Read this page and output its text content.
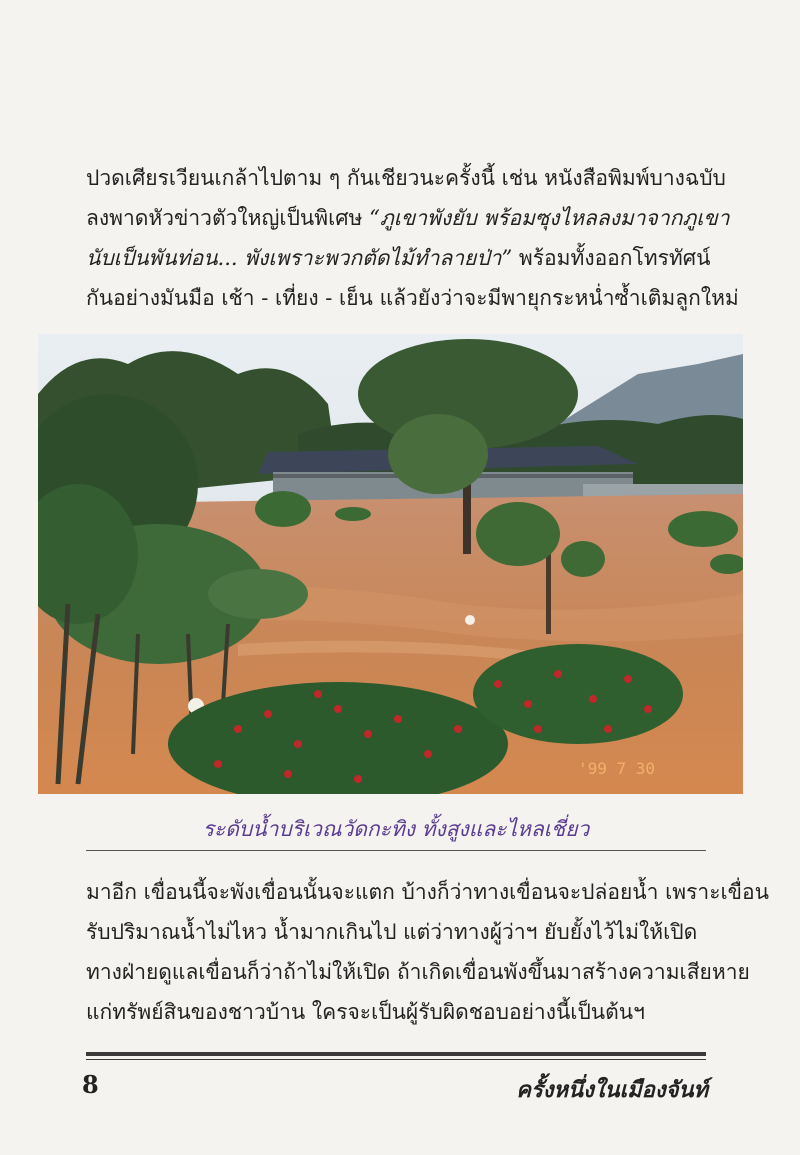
ปวดเศียรเวียนเกล้าไปตาม ๆ กันเชียวนะครั้งนี้ เช่น หนังสือพิมพ์บางฉบับ

ลงพาดหัวข่าวตัวใหญ่เป็นพิเศษ “ภูเขาพังยับ พร้อมซุงไหลลงมาจากภูเขา

นับเป็นพันท่อน... พังเพราะพวกตัดไม้ทำลายป่า” พร้อมทั้งออกโทรทัศน์

กันอย่างมันมือ เช้า - เที่ยง - เย็น แล้วยังว่าจะมีพายุกระหน่ำซ้ำเติมลูกใหม่

'99 7 30
ระดับน้ำบริเวณวัดกะทิง ทั้งสูงและไหลเชี่ยว

มาอีก เขื่อนนี้จะพังเขื่อนนั้นจะแตก บ้างก็ว่าทางเขื่อนจะปล่อยน้ำ เพราะเขื่อน

รับปริมาณน้ำไม่ไหว น้ำมากเกินไป แต่ว่าทางผู้ว่าฯ ยับยั้งไว้ไม่ให้เปิด

ทางฝ่ายดูแลเขื่อนก็ว่าถ้าไม่ให้เปิด ถ้าเกิดเขื่อนพังขึ้นมาสร้างความเสียหาย

แก่ทรัพย์สินของชาวบ้าน ใครจะเป็นผู้รับผิดชอบอย่างนี้เป็นต้นฯ

8	ครั้งหนึ่งในเมืองจันท์
